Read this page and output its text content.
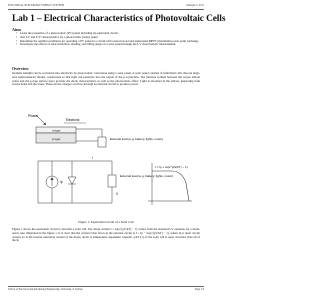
ELECTRICAL/ELECTRONIC ENERGY SYSTEMS	Semester 2, 2011
Lab 1 – Electrical Characteristics of Photovoltaic Cells
Aims
• Learn the properties of a photovoltaic (PV) panel including its equivalent circuit.
• Test I-V and P-V characteristics for a photovoltaic (solar) panel.
• Determine the optimal conditions for operating a PV panel in a circuit with a known load and understand MPPT (maximum power point tracking).
• Investigate the effects of solar insolation, shading, and tilting angle on a solar panel through the I-V characteristic measurement.
Overview

Incident sunlight can be converted into electricity by photovoltaic conversion using a solar panel. A solar panel consists of individual cells that are large-area semiconductor diodes, constructed so that light can penetrate into the region of the p-n junction. The junction formed between the n-type silicon wafer and the p-type surface layer governs the diode characteristics as well as the photovoltaic effect. Light is absorbed in the silicon, generating both excess holes and electrons. These excess charges can flow through an external circuit to produce power.

Photon
Electrons
n-type
p-type	External load (e.g. battery, lights, motor)
Ip
External load (e.g. battery, lights, motor)
I
V
I = Ip + Io(e^(qV/kT) − 1)
Figure 1: Equivalent Circuit of a Solar Cell

Figure 1 shows the equivalent circuit to describe a solar cell. The diode current I = Io(e^(qV/kT) − 1) comes from the standard I-V equation for a diode, and is also illustrated in the figure 1. It is clear that the current I that flows in the external circuit is I = Ip − Io(e^(qV/kT) − 1), where Ip is short circuit current, Io is the reverse saturation current of the diode, and k is temperature dependent constant, q/kT [1]. If the solar cell is open circuited, then all of the Ip

School of Electrical and Information Engineering, University of Sydney	Page 1/4
